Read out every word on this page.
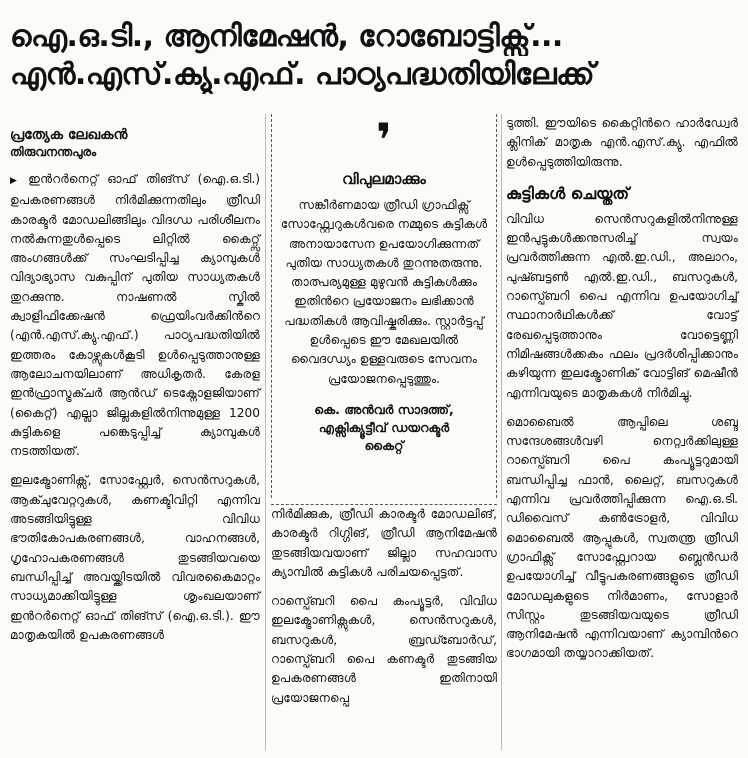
ഐ.ഒ.ടി., ആനിമേഷൻ, റോബോട്ടിക്സ്...
എൻ.എസ്.ക്യു.എഫ്. പാഠ്യപദ്ധതിയിലേക്ക്
പ്രത്യേക ലേഖകൻ
തിരുവനന്തപുരം

▶ ഇൻറർനെറ്റ് ഓഫ് തിങ്സ് (ഐ.ഒ.ടി.) ഉപകരണങ്ങൾ നിർമിക്കുന്നതിലും ത്രീഡി കാരക്ടർ മോഡലിങ്ങിലും വിദഗ്ധ പരിശീലനം നൽകുന്നതുൾപ്പെടെ ലിറ്റിൽ കൈറ്റ്സ് അംഗങ്ങൾക്ക് സംഘടിപ്പിച്ച ക്യാമ്പുകൾ വിദ്യാഭ്യാസ വകുപ്പിന് പുതിയ സാധ്യതകൾ തുറക്കുന്നു. നാഷണൽ സ്കിൽ ക്വാളിഫിക്കേഷൻ ഫ്രെയിംവർക്കിൻറെ (എൻ.എസ്.ക്യു.എഫ്.) പാഠ്യപദ്ധതിയിൽ ഇത്തരം കോഴ്സുകൾകൂടി ഉൾപ്പെടുത്താനുള്ള ആലോചനയിലാണ് അധികൃതർ. കേരള ഇൻഫ്രാസ്ട്രക്ചർ ആൻഡ് ടെക്നോളജിയാണ് (കൈറ്റ്) എല്ലാ ജില്ലകളിൽനിന്നുമുള്ള 1200 കുട്ടികളെ പങ്കെടുപ്പിച്ച് ക്യാമ്പുകൾ നടത്തിയത്.

ഇലക്ട്രോണിക്സ്, സോഫ്റ്റ്വേർ, സെൻസറുകൾ, ആക്ചുവേറ്ററുകൾ, കണക്ടിവിറ്റി എന്നിവ അടങ്ങിയിട്ടുള്ള വിവിധ ഭൗതികോപകരണങ്ങൾ, വാഹനങ്ങൾ, ഗൃഹോപകരണങ്ങൾ തുടങ്ങിയവയെ ബന്ധിപ്പിച്ച് അവയ്ക്കിടയിൽ വിവരകൈമാറ്റം സാധ്യമാക്കിയിട്ടുള്ള ശൃംഖലയാണ് ഇൻറർനെറ്റ് ഓഫ് തിങ്സ് (ഐ.ഒ.ടി.). ഈ മാതൃകയിൽ ഉപകരണങ്ങൾ

❜
വിപുലമാക്കും
സങ്കീർണമായ ത്രീഡി ഗ്രാഫിക്സ് സോഫ്റ്റ്വേറുകൾവരെ നമ്മുടെ കുട്ടികൾ അനായാസേന ഉപയോഗിക്കുന്നത് പുതിയ സാധ്യതകൾ തുറന്നുതരുന്നു. താത്പര്യമുള്ള മുഴുവൻ കുട്ടികൾക്കും ഇതിൻറെ പ്രയോജനം ലഭിക്കാൻ പദ്ധതികൾ ആവിഷ്കരിക്കും. സ്റ്റാർട്ടപ്പ് ഉൾപ്പെടെ ഈ മേഖലയിൽ വൈദഗ്ധ്യം ഉള്ളവരുടെ സേവനം പ്രയോജനപ്പെടുത്തും.
കെ. അൻവർ സാദത്ത്,
എക്സിക്യൂട്ടീവ് ഡയറക്ടർ
കൈറ്റ്

നിർമിക്കുക, ത്രീഡി കാരക്ടർ മോഡലിങ്, കാരക്ടർ റിഗ്ഗിങ്, ത്രീഡി ആനിമേഷൻ തുടങ്ങിയവയാണ് ജില്ലാ സഹവാസ ക്യാമ്പിൽ കുട്ടികൾ പരിചയപ്പെട്ടത്.

റാസ്പ്ബെറി പൈ കംപ്യൂട്ടർ, വിവിധ ഇലക്ട്രോണിക്സുകൾ, സെൻസറുകൾ, ബസറുകൾ, ബ്രഡ്ബോർഡ്, റാസ്പ്ബെറി പൈ കണക്ടർ തുടങ്ങിയ ഉപകരണങ്ങൾ ഇതിനായി പ്രയോജനപ്പെ

ടുത്തി. ഈയിടെ കൈറ്റിൻറെ ഹാർഡ്വേർ ക്ലിനിക് മാതൃക എൻ.എസ്.ക്യു. എഫിൽ ഉൾപ്പെടുത്തിയിരുന്നു.

കുട്ടികൾ ചെയ്തത്

വിവിധ സെൻസറുകളിൽനിന്നുള്ള ഇൻപുട്ടുകൾക്കനുസരിച്ച് സ്വയം പ്രവർത്തിക്കുന്ന എൽ.ഇ.ഡി., അലാറം, പുഷ്ബട്ടൺ എൽ.ഇ.ഡി., ബസറുകൾ, റാസ്പ്ബെറി പൈ എന്നിവ ഉപയോഗിച്ച് സ്ഥാനാർഥികൾക്ക് വോട്ട് രേഖപ്പെടുത്താനും വോട്ടെണ്ണി നിമിഷങ്ങൾക്കകം ഫലം പ്രദർശിപ്പിക്കാനും കഴിയുന്ന ഇലക്ട്രോണിക് വോട്ടിങ് മെഷീൻ എന്നിവയുടെ മാതൃകകൾ നിർമിച്ചു.

മൊബൈൽ ആപ്പിലെ ശബ്ദ സന്ദേശങ്ങൾവഴി നെറ്റ്വർക്കിലുള്ള റാസ്പ്ബെറി പൈ കംപ്യൂട്ടറുമായി ബന്ധിപ്പിച്ച ഫാൻ, ലൈറ്റ്, ബസറുകൾ എന്നിവ പ്രവർത്തിപ്പിക്കുന്ന ഐ.ഒ.ടി. ഡിവൈസ് കൺട്രോളർ, വിവിധ മൊബൈൽ ആപ്പുകൾ, സ്വതന്ത്ര ത്രീഡി ഗ്രാഫിക്സ് സോഫ്റ്റ്വേറായ ബ്ലെൻഡർ ഉപയോഗിച്ച് വീട്ടുപകരണങ്ങളുടെ ത്രീഡി മോഡലുകളുടെ നിർമാണം, സോളാർ സിസ്റ്റം തുടങ്ങിയവയുടെ ത്രീഡി ആനിമേഷൻ എന്നിവയാണ് ക്യാമ്പിൻറെ ഭാഗമായി തയ്യാറാക്കിയത്.
